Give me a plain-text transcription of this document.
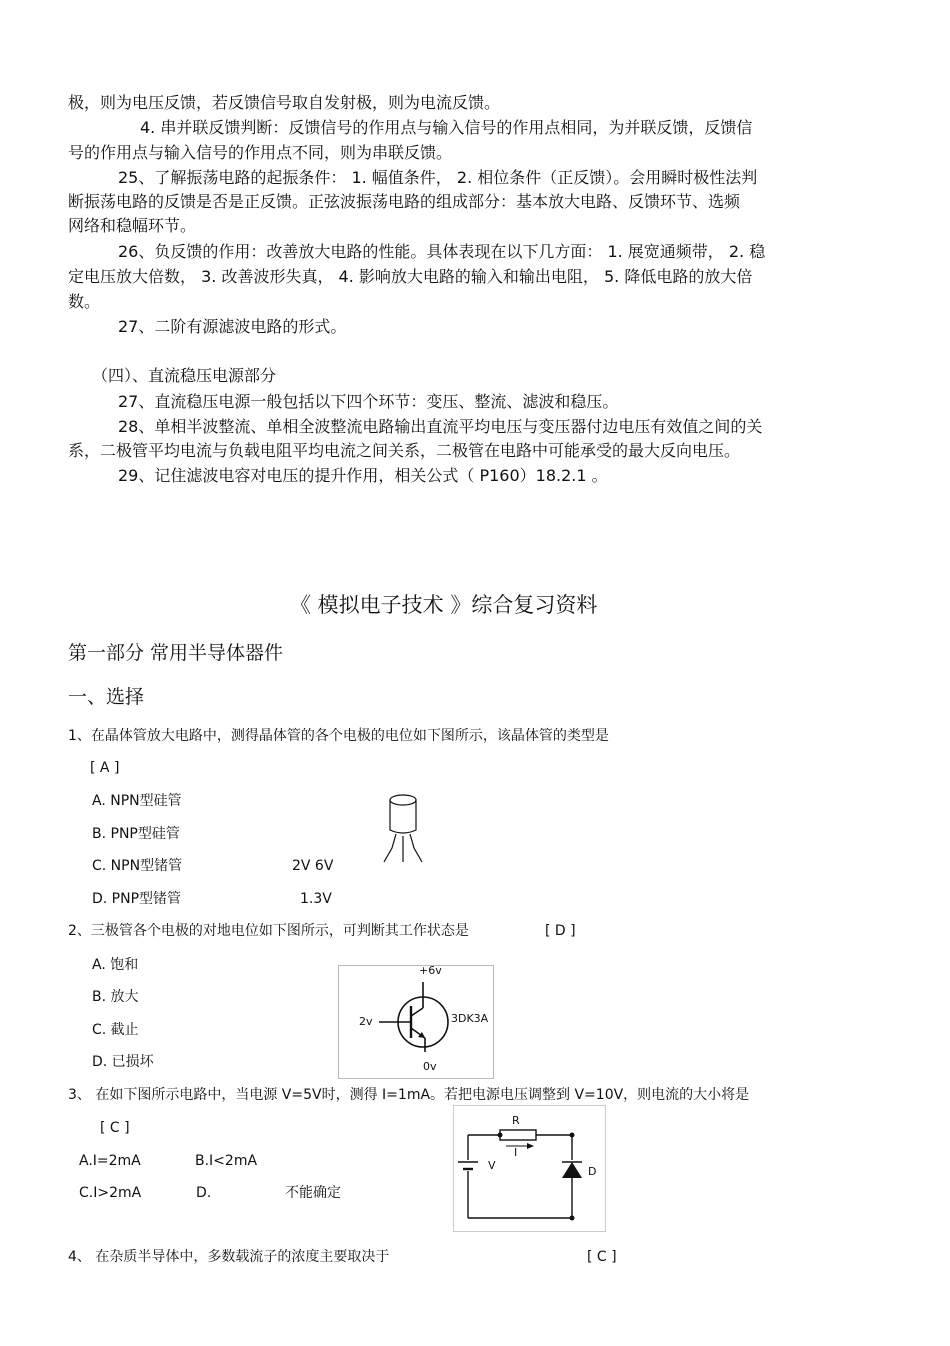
极，则为电压反馈，若反馈信号取自发射极，则为电流反馈。
4. 串并联反馈判断：反馈信号的作用点与输入信号的作用点相同，为并联反馈，反馈信
号的作用点与输入信号的作用点不同，则为串联反馈。
25、了解振荡电路的起振条件： 1. 幅值条件， 2. 相位条件（正反馈）。会用瞬时极性法判
断振荡电路的反馈是否是正反馈。正弦波振荡电路的组成部分：基本放大电路、反馈环节、选频
网络和稳幅环节。
26、负反馈的作用：改善放大电路的性能。具体表现在以下几方面： 1. 展宽通频带， 2. 稳
定电压放大倍数， 3. 改善波形失真， 4. 影响放大电路的输入和输出电阻， 5. 降低电路的放大倍
数。
27、二阶有源滤波电路的形式。
（四）、直流稳压电源部分
27、直流稳压电源一般包括以下四个环节：变压、整流、滤波和稳压。
28、单相半波整流、单相全波整流电路输出直流平均电压与变压器付边电压有效值之间的关
系，二极管平均电流与负载电阻平均电流之间关系，二极管在电路中可能承受的最大反向电压。
29、记住滤波电容对电压的提升作用，相关公式（ P160）18.2.1 。
《 模拟电子技术 》综合复习资料
第一部分 常用半导体器件
一、选择
1、在晶体管放大电路中，测得晶体管的各个电极的电位如下图所示，该晶体管的类型是
[ A ]
A. NPN型硅管
B. PNP型硅管
C. NPN型锗管
D. PNP型锗管
2V 6V
1.3V
2、三极管各个电极的对地电位如下图所示，可判断其工作状态是	[ D ]
A. 饱和
B. 放大
C. 截止
D. 已损坏
+6v
2v	3DK3A
0v
3、 在如下图所示电路中，当电源 V=5V时，测得 I=1mA。若把电源电压调整到 V=10V，则电流的大小将是
[ C ]
A.I=2mA	B.I<2mA
C.I>2mA	D.	不能确定
R
I
V	D
4、 在杂质半导体中，多数载流子的浓度主要取决于	[ C ]
